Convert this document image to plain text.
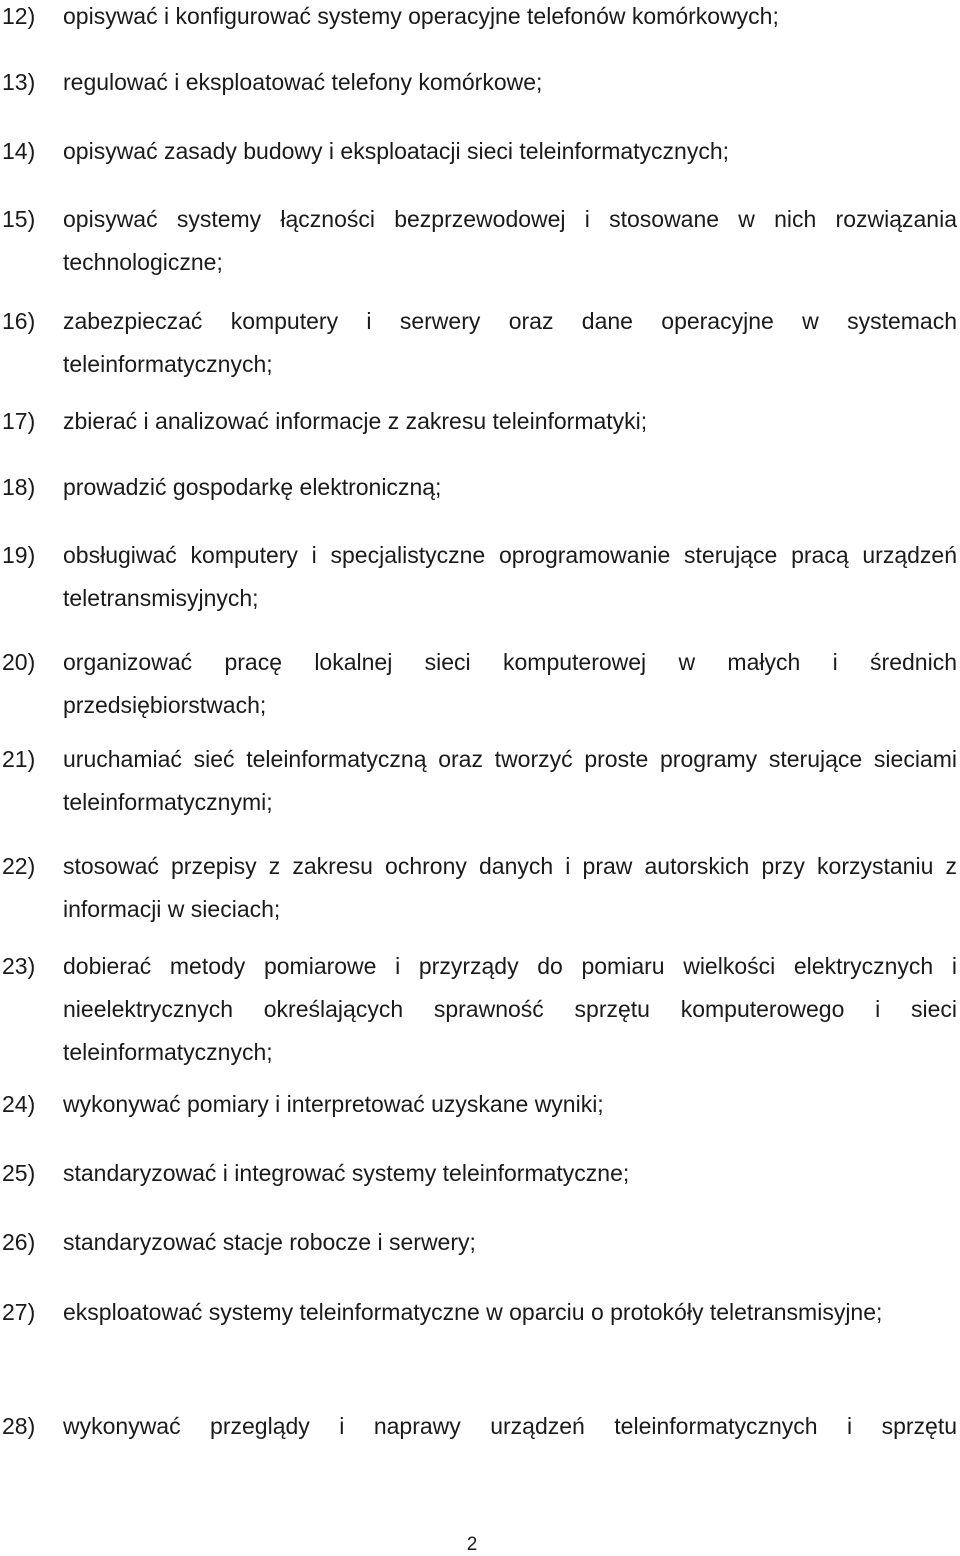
12) opisywać i konfigurować systemy operacyjne telefonów komórkowych;
13) regulować i eksploatować telefony komórkowe;
14) opisywać zasady budowy i eksploatacji sieci teleinformatycznych;
15) opisywać systemy łączności bezprzewodowej i stosowane w nich rozwiązania technologiczne;
16) zabezpieczać komputery i serwery oraz dane operacyjne w systemach teleinformatycznych;
17) zbierać i analizować informacje z zakresu teleinformatyki;
18) prowadzić gospodarkę elektroniczną;
19) obsługiwać komputery i specjalistyczne oprogramowanie sterujące pracą urządzeń teletransmisyjnych;
20) organizować pracę lokalnej sieci komputerowej w małych i średnich przedsiębiorstwach;
21) uruchamiać sieć teleinformatyczną oraz tworzyć proste programy sterujące sieciami teleinformatycznymi;
22) stosować przepisy z zakresu ochrony danych i praw autorskich przy korzystaniu z informacji w sieciach;
23) dobierać metody pomiarowe i przyrządy do pomiaru wielkości elektrycznych i nieelektrycznych określających sprawność sprzętu komputerowego i sieci teleinformatycznych;
24) wykonywać pomiary i interpretować uzyskane wyniki;
25) standaryzować i integrować systemy teleinformatyczne;
26) standaryzować stacje robocze i serwery;
27) eksploatować systemy teleinformatyczne w oparciu o protokóły teletransmisyjne;
28) wykonywać przeglądy i naprawy urządzeń teleinformatycznych i sprzętu
2
